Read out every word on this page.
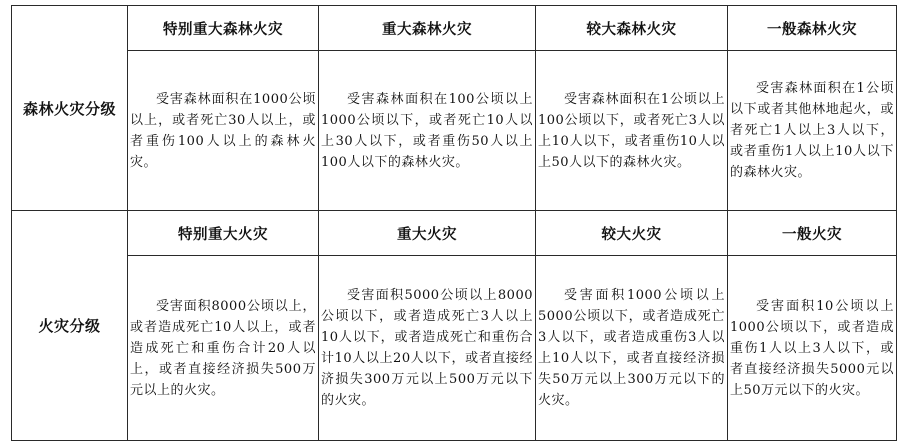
森林火灾分级	特别重大森林火灾	重大森林火灾	较大森林火灾	一般森林火灾

	受害森林面积在1000公顷以上，或者死亡30人以上，或者重伤100人以上的森林火灾。	受害森林面积在100公顷以上1000公顷以下，或者死亡10人以上30人以下，或者重伤50人以上100人以下的森林火灾。	受害森林面积在1公顷以上100公顷以下，或者死亡3人以上10人以下，或者重伤10人以上50人以下的森林火灾。	受害森林面积在1公顷以下或者其他林地起火，或者死亡1人以上3人以下，或者重伤1人以上10人以下的森林火灾。

火灾分级	特别重大火灾	重大火灾	较大火灾	一般火灾

	受害面积8000公顷以上，或者造成死亡10人以上，或者造成死亡和重伤合计20人以上，或者直接经济损失500万元以上的火灾。	受害面积5000公顷以上8000公顷以下，或者造成死亡3人以上10人以下，或者造成死亡和重伤合计10人以上20人以下，或者直接经济损失300万元以上500万元以下的火灾。	受害面积1000公顷以上5000公顷以下，或者造成死亡3人以下，或者造成重伤3人以上10人以下，或者直接经济损失50万元以上300万元以下的火灾。	受害面积10公顷以上1000公顷以下，或者造成重伤1人以上3人以下，或者直接经济损失5000元以上50万元以下的火灾。
